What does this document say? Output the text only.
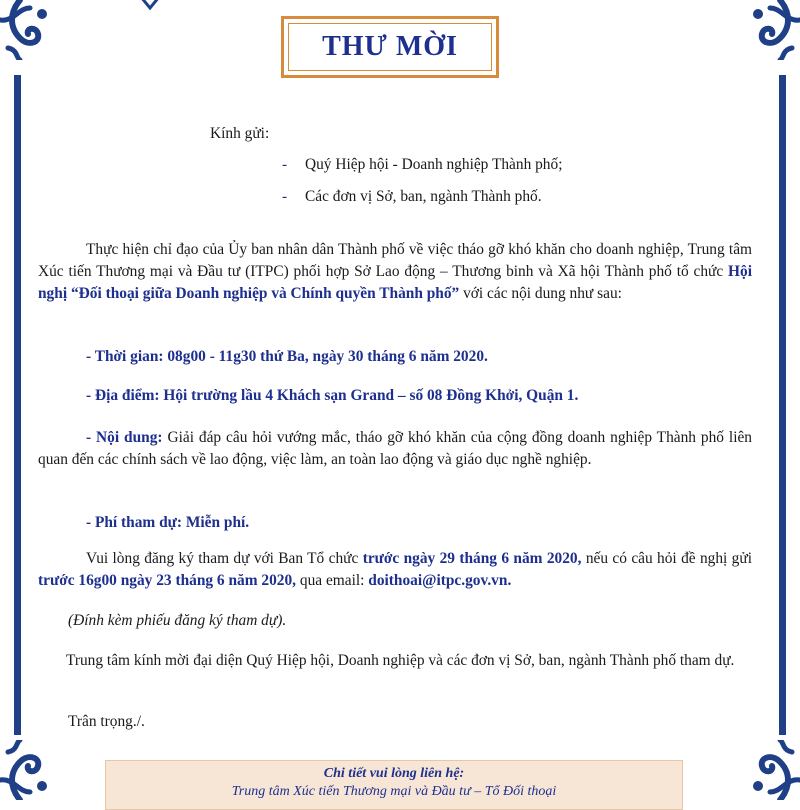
THƯ MỜI

Kính gửi:

- Quý Hiệp hội - Doanh nghiệp Thành phố;
- Các đơn vị Sở, ban, ngành Thành phố.

Thực hiện chỉ đạo của Ủy ban nhân dân Thành phố về việc tháo gỡ khó khăn cho doanh nghiệp, Trung tâm Xúc tiến Thương mại và Đầu tư (ITPC) phối hợp Sở Lao động – Thương binh và Xã hội Thành phố tổ chức Hội nghị “Đối thoại giữa Doanh nghiệp và Chính quyền Thành phố” với các nội dung như sau:

- Thời gian: 08g00 - 11g30 thứ Ba, ngày 30 tháng 6 năm 2020.

- Địa điểm: Hội trường lầu 4 Khách sạn Grand – số 08 Đồng Khởi, Quận 1.

- Nội dung: Giải đáp câu hỏi vướng mắc, tháo gỡ khó khăn của cộng đồng doanh nghiệp Thành phố liên quan đến các chính sách về lao động, việc làm, an toàn lao động và giáo dục nghề nghiệp.

- Phí tham dự: Miễn phí.

Vui lòng đăng ký tham dự với Ban Tổ chức trước ngày 29 tháng 6 năm 2020, nếu có câu hỏi đề nghị gửi trước 16g00 ngày 23 tháng 6 năm 2020, qua email: doithoai@itpc.gov.vn.

(Đính kèm phiếu đăng ký tham dự).

Trung tâm kính mời đại diện Quý Hiệp hội, Doanh nghiệp và các đơn vị Sở, ban, ngành Thành phố tham dự.

Trân trọng./.

Chi tiết vui lòng liên hệ:
Trung tâm Xúc tiến Thương mại và Đầu tư – Tổ Đối thoại
